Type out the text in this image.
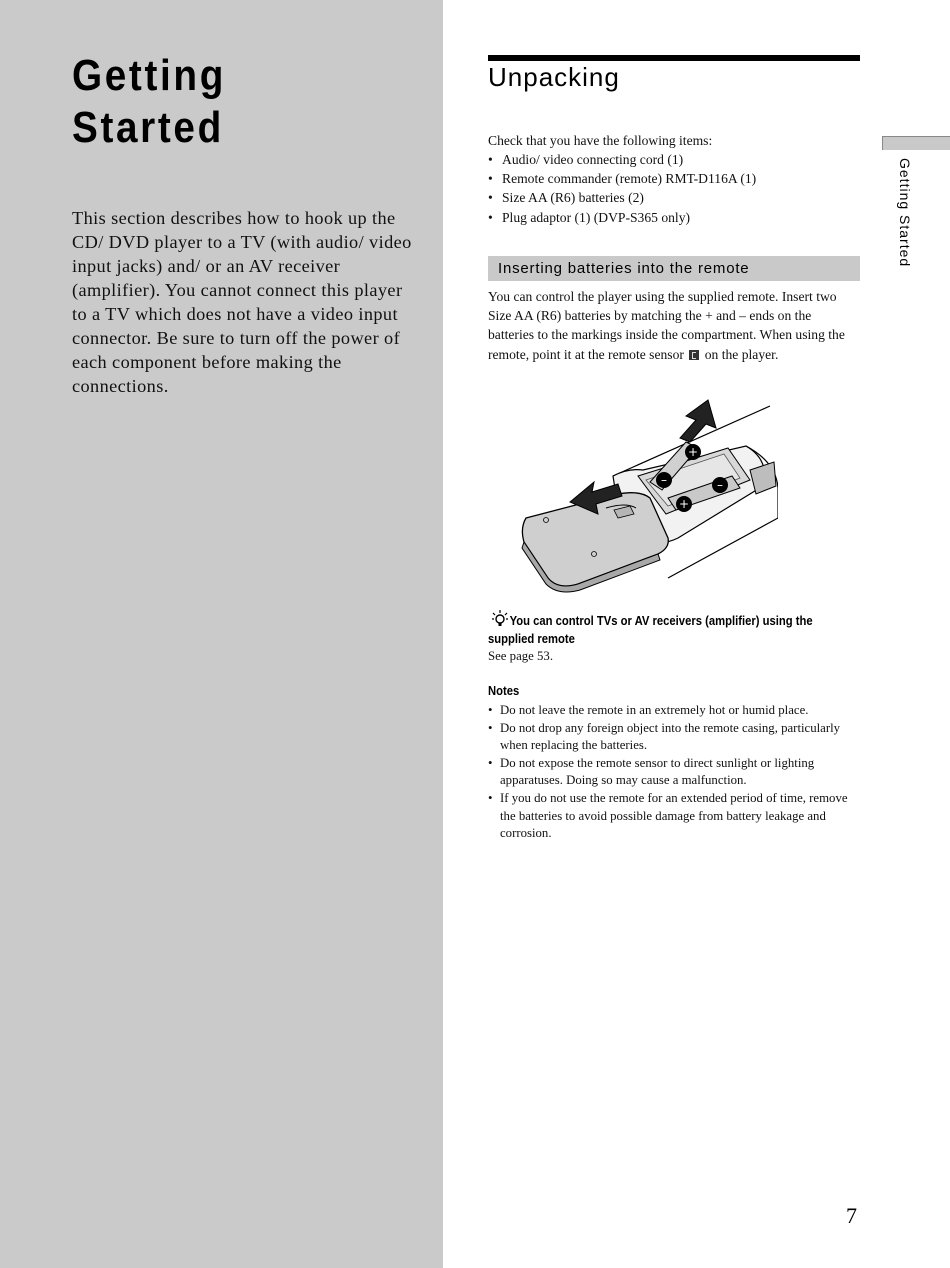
Getting
Started

This section describes how to hook up the CD/ DVD player to a TV (with audio/ video input jacks) and/ or an AV receiver (amplifier). You cannot connect this player to a TV which does not have a video input connector. Be sure to turn off the power of each component before making the connections.

Unpacking

Check that you have the following items:

• Audio/ video connecting cord (1)
• Remote commander (remote) RMT-D116A (1)
• Size AA (R6) batteries (2)
• Plug adaptor (1) (DVP-S365 only)
Inserting batteries into the remote

You can control the player using the supplied remote. Insert two Size AA (R6) batteries by matching the + and – ends on the batteries to the markings inside the compartment. When using the remote, point it at the remote sensor on the player.

+
–
–
+

You can control TVs or AV receivers (amplifier) using the supplied remote

See page 53.

Notes
• Do not leave the remote in an extremely hot or humid place.
• Do not drop any foreign object into the remote casing, particularly when replacing the batteries.
• Do not expose the remote sensor to direct sunlight or lighting apparatuses. Doing so may cause a malfunction.
• If you do not use the remote for an extended period of time, remove the batteries to avoid possible damage from battery leakage and corrosion.

Getting Started

7
